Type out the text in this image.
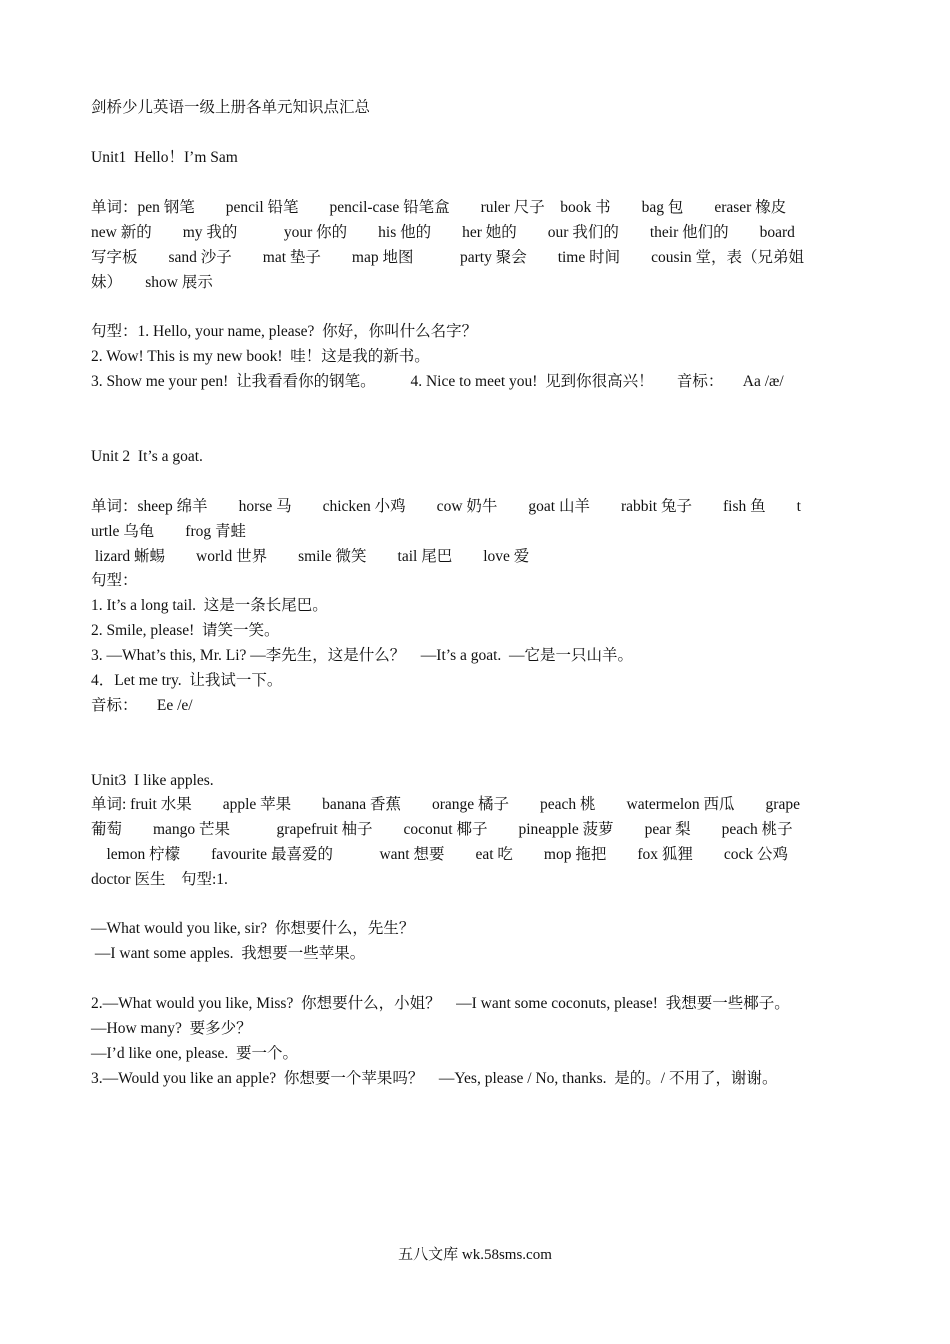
剑桥少儿英语一级上册各单元知识点汇总
Unit1  Hello！I’m Sam
单词：pen 钢笔        pencil 铅笔        pencil-case 铅笔盒        ruler 尺子    book 书        bag 包        eraser 橡皮
new 新的        my 我的            your 你的        his 他的        her 她的        our 我们的        their 他们的        board
写字板        sand 沙子        mat 垫子        map 地图            party 聚会        time 时间        cousin 堂，表（兄弟姐
妹）      show 展示
句型：1. Hello, your name, please?  你好，你叫什么名字？
2. Wow! This is my new book!  哇！这是我的新书。
3. Show me your pen!  让我看看你的钢笔。         4. Nice to meet you!  见到你很高兴！      音标：     Aa /æ/
Unit 2  It’s a goat.
单词：sheep 绵羊        horse 马        chicken 小鸡        cow 奶牛        goat 山羊        rabbit 兔子        fish 鱼        t
urtle 乌龟        frog 青蛙
lizard 蜥蜴        world 世界        smile 微笑        tail 尾巴        love 爱
句型：
1. It’s a long tail.  这是一条长尾巴。
2. Smile, please!  请笑一笑。
3. —What’s this, Mr. Li? —李先生，这是什么？    —It’s a goat.  —它是一只山羊。
4．Let me try.  让我试一下。
音标：     Ee /e/
Unit3  I like apples.
单词: fruit 水果        apple 苹果        banana 香蕉        orange 橘子        peach 桃        watermelon 西瓜        grape
葡萄        mango 芒果            grapefruit 柚子        coconut 椰子        pineapple 菠萝        pear 梨        peach 桃子
lemon 柠檬        favourite 最喜爱的            want 想要        eat 吃        mop 拖把        fox 狐狸        cock 公鸡
doctor 医生    句型:1.
—What would you like, sir?  你想要什么，先生？
—I want some apples.  我想要一些苹果。
2.—What would you like, Miss?  你想要什么，小姐？    —I want some coconuts, please!  我想要一些椰子。
—How many?  要多少？
—I’d like one, please.  要一个。
3.—Would you like an apple?  你想要一个苹果吗？    —Yes, please / No, thanks.  是的。/ 不用了，谢谢。
五八文库 wk.58sms.com
